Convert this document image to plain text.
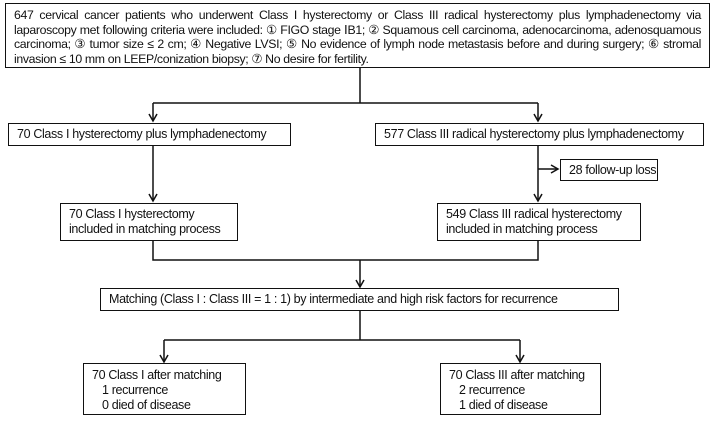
647 cervical cancer patients who underwent Class I hysterectomy or Class III radical hysterectomy plus lymphadenectomy via laparoscopy met following criteria were included: ① FIGO stage ⅠB1; ② Squamous cell carcinoma, adenocarcinoma, adenosquamous carcinoma; ③ tumor size ≤ 2 cm; ④ Negative LVSI; ⑤ No evidence of lymph node metastasis before and during surgery; ⑥ stromal invasion ≤ 10 mm on LEEP/conization biopsy; ⑦ No desire for fertility.
70 Class I hysterectomy plus lymphadenectomy	577 Class III radical hysterectomy plus lymphadenectomy
28 follow-up loss
70 Class I hysterectomy
included in matching process
549 Class III radical hysterectomy
included in matching process
Matching (Class I : Class III = 1 : 1) by intermediate and high risk factors for recurrence
70 Class I after matching
1 recurrence
0 died of disease
70 Class III after matching
2 recurrence
1 died of disease
